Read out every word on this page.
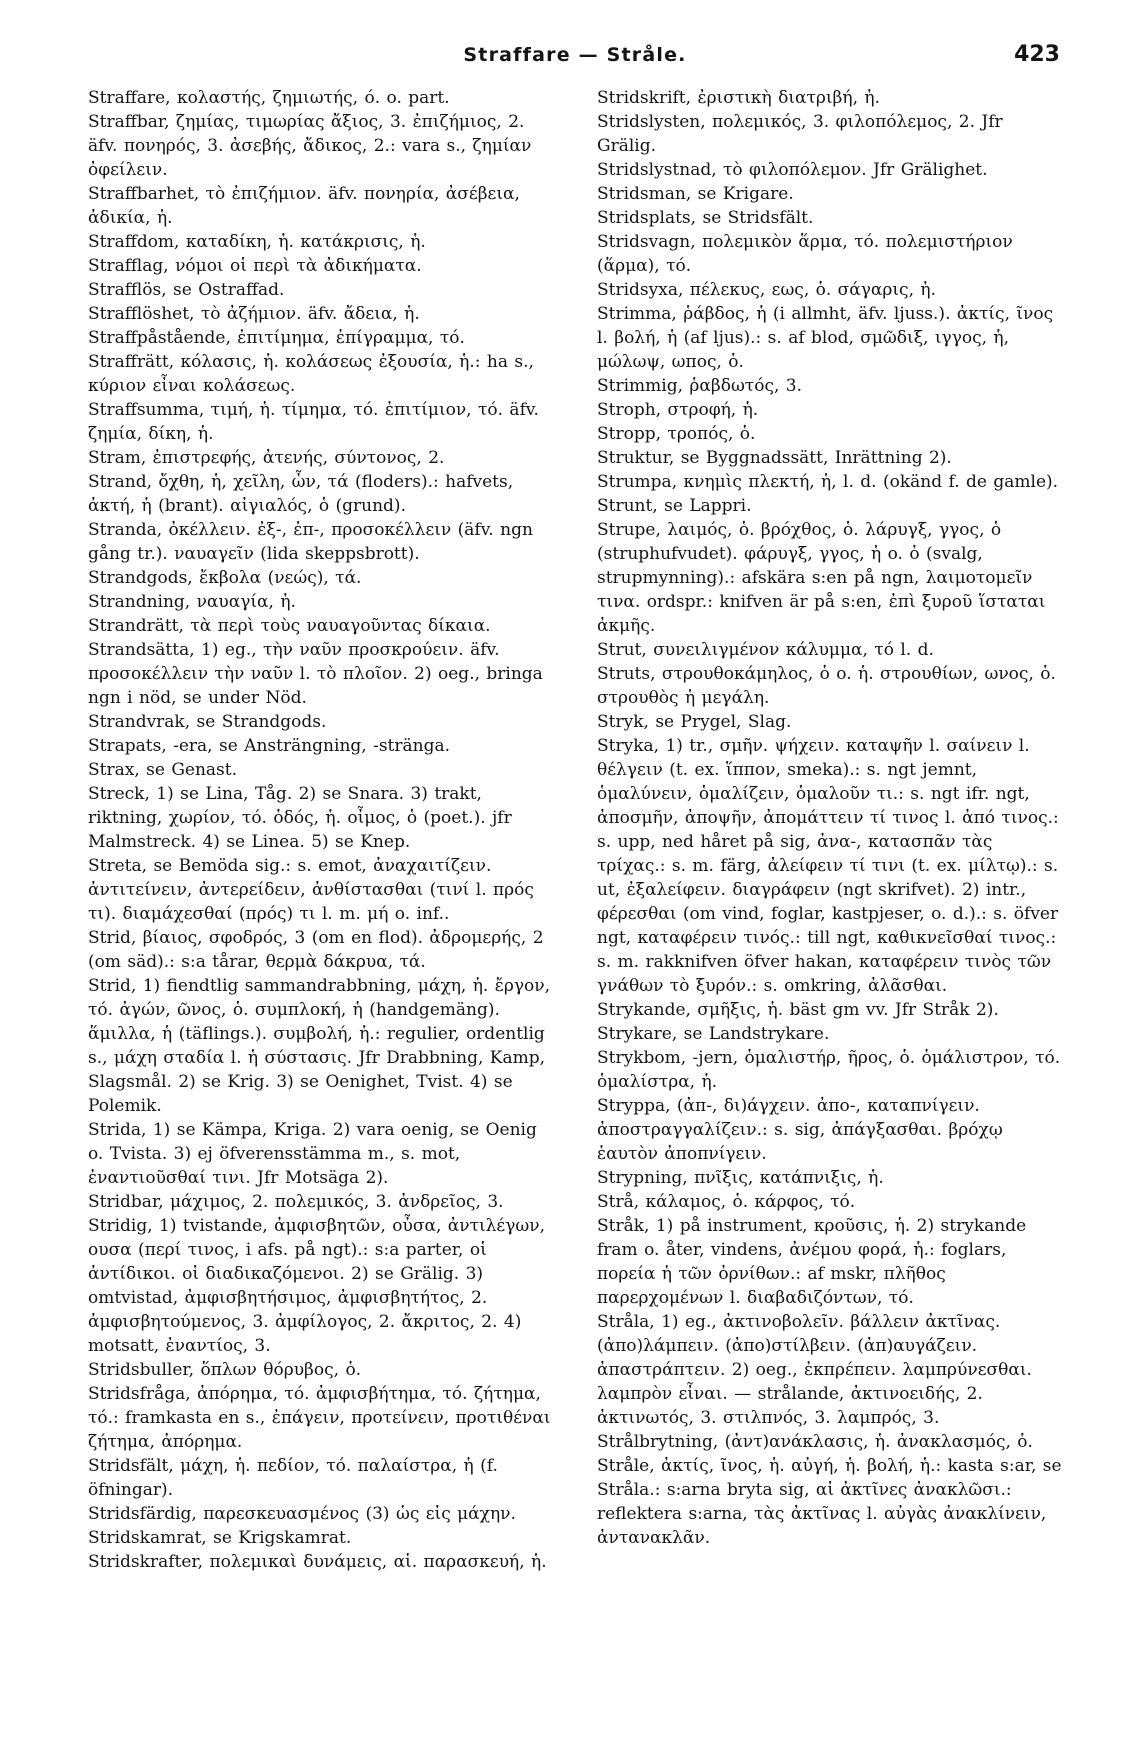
Straffare — Stråle.	423

Straffare, κολαστής, ζημιωτής, ό. o. part.

Straffbar, ζημίας, τιμωρίας ἄξιος, 3. ἐπιζήμιος, 2. äfv. πονηρός, 3. ἀσεβής, ἄδικος, 2.: vara s., ζημίαν ὀφείλειν.

Straffbarhet, τὸ ἐπιζήμιον. äfv. πονηρία, ἀσέβεια, ἀδικία, ἡ.

Straffdom, καταδίκη, ἡ. κατάκρισις, ἡ.

Strafflag, νόμοι οἱ περὶ τὰ ἀδικήματα.

Strafflös, se Ostraffad.

Strafflöshet, τὸ ἀζήμιον. äfv. ἄδεια, ἡ.

Straffpåstående, ἐπιτίμημα, ἐπίγραμμα, τό.

Straffrätt, κόλασις, ἡ. κολάσεως ἐξουσία, ἡ.: ha s., κύριον εἶναι κολάσεως.

Straffsumma, τιμή, ἡ. τίμημα, τό. ἐπιτίμιον, τό. äfv. ζημία, δίκη, ἡ.

Stram, ἐπιστρεφής, ἀτενής, σύντονος, 2.

Strand, ὄχθη, ἡ, χεῖλη, ὧν, τά (floders).: hafvets, ἀκτή, ἡ (brant). αἰγιαλός, ὁ (grund).

Stranda, ὀκέλλειν. ἐξ-, ἐπ-, προσοκέλλειν (äfv. ngn gång tr.). ναυαγεῖν (lida skeppsbrott).

Strandgods, ἔκβολα (νεώς), τά.

Strandning, ναυαγία, ἡ.

Strandrätt, τὰ περὶ τοὺς ναυαγοῦντας δίκαια.

Strandsätta, 1) eg., τὴν ναῦν προσκρούειν. äfv. προσοκέλλειν τὴν ναῦν l. τὸ πλοῖον. 2) oeg., bringa ngn i nöd, se under Nöd.

Strandvrak, se Strandgods.

Strapats, -era, se Ansträngning, -stränga.

Strax, se Genast.

Streck, 1) se Lina, Tåg. 2) se Snara. 3) trakt, riktning, χωρίον, τό. ὁδός, ἡ. οἶμος, ὁ (poet.). jfr Malmstreck. 4) se Linea. 5) se Knep.

Streta, se Bemöda sig.: s. emot, ἀναχαιτίζειν. ἀντιτείνειν, ἀντερείδειν, ἀνθίστασθαι (τινί l. πρός τι). διαμάχεσθαί (πρός) τι l. m. μή o. inf..

Strid, βίαιος, σφοδρός, 3 (om en flod). ἀδρομερής, 2 (om säd).: s:a tårar, θερμὰ δάκρυα, τά.

Strid, 1) fiendtlig sammandrabbning, μάχη, ἡ. ἔργον, τό. ἀγών, ῶνος, ὁ. συμπλοκή, ἡ (handgemäng). ἅμιλλα, ἡ (täflings.). συμβολή, ἡ.: regulier, ordentlig s., μάχη σταδία l. ἡ σύστασις. Jfr Drabbning, Kamp, Slagsmål. 2) se Krig. 3) se Oenighet, Tvist. 4) se Polemik.

Strida, 1) se Kämpa, Kriga. 2) vara oenig, se Oenig o. Tvista. 3) ej öfverensstämma m., s. mot, ἐναντιοῦσθαί τινι. Jfr Motsäga 2).

Stridbar, μάχιμος, 2. πολεμικός, 3. ἀνδρεῖος, 3.

Stridig, 1) tvistande, ἀμφισβητῶν, οὖσα, ἀντιλέγων, ουσα (περί τινος, i afs. på ngt).: s:a parter, οἱ ἀντίδικοι. οἱ διαδικαζόμενοι. 2) se Grälig. 3) omtvistad, ἀμφισβητήσιμος, ἀμφισβητήτος, 2. ἀμφισβητούμενος, 3. ἀμφίλογος, 2. ἄκριτος, 2. 4) motsatt, ἐναντίος, 3.

Stridsbuller, ὅπλων θόρυβος, ὁ.

Stridsfråga, ἀπόρημα, τό. ἀμφισβήτημα, τό. ζήτημα, τό.: framkasta en s., ἐπάγειν, προτείνειν, προτιθέναι ζήτημα, ἀπόρημα.

Stridsfält, μάχη, ἡ. πεδίον, τό. παλαίστρα, ἡ (f. öfningar).

Stridsfärdig, παρεσκευασμένος (3) ὡς εἰς μάχην.

Stridskamrat, se Krigskamrat.

Stridskrafter, πολεμικαὶ δυνάμεις, αἱ. παρασκευή, ἡ.

Stridskrift, ἐριστικὴ διατριβή, ἡ.

Stridslysten, πολεμικός, 3. φιλοπόλεμος, 2. Jfr Grälig.

Stridslystnad, τὸ φιλοπόλεμον. Jfr Grälighet.

Stridsman, se Krigare.

Stridsplats, se Stridsfält.

Stridsvagn, πολεμικὸν ἅρμα, τό. πολεμιστήριον (ἅρμα), τό.

Stridsyxa, πέλεκυς, εως, ὁ. σάγαρις, ἡ.

Strimma, ῥάβδος, ἡ (i allmht, äfv. ljuss.). ἀκτίς, ῖνος l. βολή, ἡ (af ljus).: s. af blod, σμῶδιξ, ιγγος, ἡ, μώλωψ, ωπος, ὁ.

Strimmig, ῥαβδωτός, 3.

Stroph, στροφή, ἡ.

Stropp, τροπός, ὁ.

Struktur, se Byggnadssätt, Inrättning 2).

Strumpa, κνημὶς πλεκτή, ἡ, l. d. (okänd f. de gamle).

Strunt, se Lappri.

Strupe, λαιμός, ὁ. βρόχθος, ὁ. λάρυγξ, γγος, ὁ (struphufvudet). φάρυγξ, γγος, ἡ o. ὁ (svalg, strupmynning).: afskära s:en på ngn, λαιμοτομεῖν τινα. ordspr.: knifven är på s:en, ἐπὶ ξυροῦ ἵσταται ἀκμῆς.

Strut, συνειλιγμένον κάλυμμα, τό l. d.

Struts, στρουθοκάμηλος, ὁ o. ἡ. στρουθίων, ωνος, ὁ. στρουθὸς ἡ μεγάλη.

Stryk, se Prygel, Slag.

Stryka, 1) tr., σμῆν. ψήχειν. καταψῆν l. σαίνειν l. θέλγειν (t. ex. ἵππον, smeka).: s. ngt jemnt, ὁμαλύνειν, ὁμαλίζειν, ὁμαλοῦν τι.: s. ngt ifr. ngt, ἀποσμῆν, ἀποψῆν, ἀπομάττειν τί τινος l. ἀπό τινος.: s. upp, ned håret på sig, ἀνα-, κατασπᾶν τὰς τρίχας.: s. m. färg, ἀλείφειν τί τινι (t. ex. μίλτῳ).: s. ut, ἐξαλείφειν. διαγράφειν (ngt skrifvet). 2) intr., φέρεσθαι (om vind, foglar, kastpjeser, o. d.).: s. öfver ngt, καταφέρειν τινός.: till ngt, καθικνεῖσθαί τινος.: s. m. rakknifven öfver hakan, καταφέρειν τινὸς τῶν γνάθων τὸ ξυρόν.: s. omkring, ἀλᾶσθαι.

Strykande, σμῆξις, ἡ. bäst gm vv. Jfr Stråk 2).

Strykare, se Landstrykare.

Strykbom, -jern, ὁμαλιστήρ, ῆρος, ὁ. ὁμάλιστρον, τό. ὁμαλίστρα, ἡ.

Stryppa, (ἀπ-, δι)άγχειν. ἀπο-, καταπνίγειν. ἀποστραγγαλίζειν.: s. sig, ἀπάγξασθαι. βρόχῳ ἑαυτὸν ἀποπνίγειν.

Strypning, πνῖξις, κατάπνιξις, ἡ.

Strå, κάλαμος, ὁ. κάρφος, τό.

Stråk, 1) på instrument, κροῦσις, ἡ. 2) strykande fram o. åter, vindens, ἀνέμου φορά, ἡ.: foglars, πορεία ἡ τῶν ὀρνίθων.: af mskr, πλῆθος παρερχομένων l. διαβαδιζόντων, τό.

Stråla, 1) eg., ἀκτινοβολεῖν. βάλλειν ἀκτῖνας. (ἀπο)λάμπειν. (ἀπο)στίλβειν. (ἀπ)αυγάζειν. ἀπαστράπτειν. 2) oeg., ἐκπρέπειν. λαμπρύνεσθαι. λαμπρὸν εἶναι. — strålande, ἀκτινοειδής, 2. ἀκτινωτός, 3. στιλπνός, 3. λαμπρός, 3.

Strålbrytning, (ἀντ)ανάκλασις, ἡ. ἀνακλασμός, ὁ.

Stråle, ἀκτίς, ῖνος, ἡ. αὐγή, ἡ. βολή, ἡ.: kasta s:ar, se Stråla.: s:arna bryta sig, αἱ ἀκτῖνες ἀνακλῶσι.: reflektera s:arna, τὰς ἀκτῖνας l. αὐγὰς ἀνακλίνειν, ἀντανακλᾶν.
